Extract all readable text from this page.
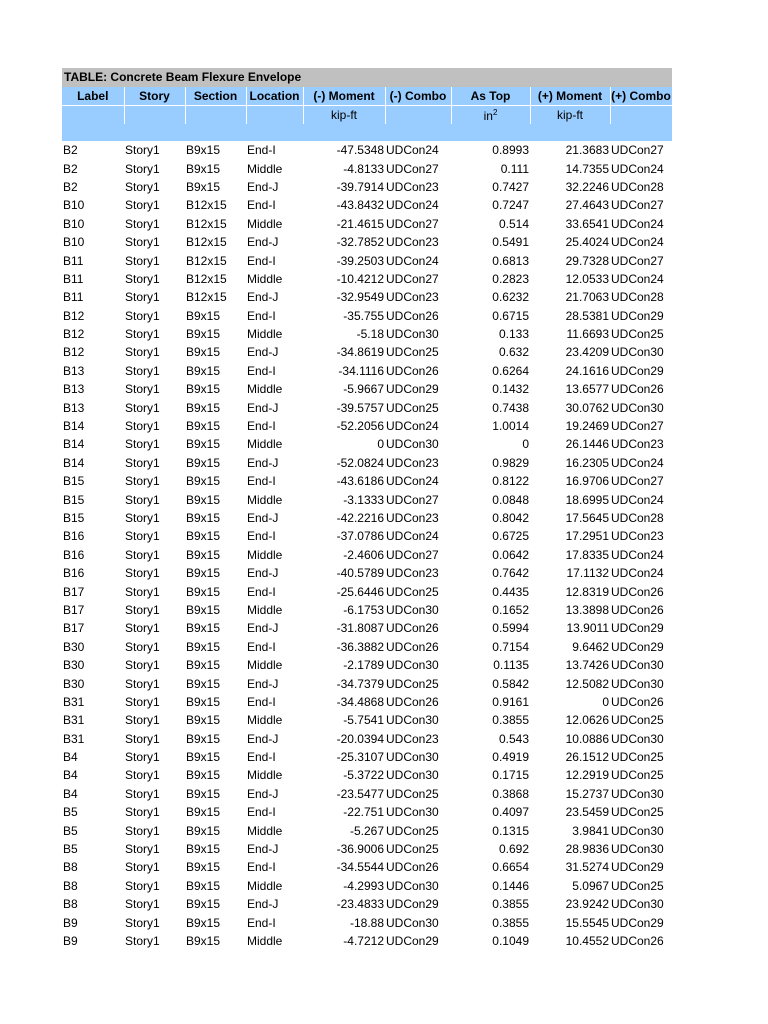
TABLE: Concrete Beam Flexure Envelope
Label	Story	Section	Location	(-) Moment	(-) Combo	As Top	(+) Moment	(+) Combo
				kip-ft		$in^2$	kip-ft	

B2	Story1	B9x15	End-I	-47.5348	UDCon24	0.8993	21.3683	UDCon27
B2	Story1	B9x15	Middle	-4.8133	UDCon27	0.111	14.7355	UDCon24
B2	Story1	B9x15	End-J	-39.7914	UDCon23	0.7427	32.2246	UDCon28
B10	Story1	B12x15	End-I	-43.8432	UDCon24	0.7247	27.4643	UDCon27
B10	Story1	B12x15	Middle	-21.4615	UDCon27	0.514	33.6541	UDCon24
B10	Story1	B12x15	End-J	-32.7852	UDCon23	0.5491	25.4024	UDCon24
B11	Story1	B12x15	End-I	-39.2503	UDCon24	0.6813	29.7328	UDCon27
B11	Story1	B12x15	Middle	-10.4212	UDCon27	0.2823	12.0533	UDCon24
B11	Story1	B12x15	End-J	-32.9549	UDCon23	0.6232	21.7063	UDCon28
B12	Story1	B9x15	End-I	-35.755	UDCon26	0.6715	28.5381	UDCon29
B12	Story1	B9x15	Middle	-5.18	UDCon30	0.133	11.6693	UDCon25
B12	Story1	B9x15	End-J	-34.8619	UDCon25	0.632	23.4209	UDCon30
B13	Story1	B9x15	End-I	-34.1116	UDCon26	0.6264	24.1616	UDCon29
B13	Story1	B9x15	Middle	-5.9667	UDCon29	0.1432	13.6577	UDCon26
B13	Story1	B9x15	End-J	-39.5757	UDCon25	0.7438	30.0762	UDCon30
B14	Story1	B9x15	End-I	-52.2056	UDCon24	1.0014	19.2469	UDCon27
B14	Story1	B9x15	Middle	0	UDCon30	0	26.1446	UDCon23
B14	Story1	B9x15	End-J	-52.0824	UDCon23	0.9829	16.2305	UDCon24
B15	Story1	B9x15	End-I	-43.6186	UDCon24	0.8122	16.9706	UDCon27
B15	Story1	B9x15	Middle	-3.1333	UDCon27	0.0848	18.6995	UDCon24
B15	Story1	B9x15	End-J	-42.2216	UDCon23	0.8042	17.5645	UDCon28
B16	Story1	B9x15	End-I	-37.0786	UDCon24	0.6725	17.2951	UDCon23
B16	Story1	B9x15	Middle	-2.4606	UDCon27	0.0642	17.8335	UDCon24
B16	Story1	B9x15	End-J	-40.5789	UDCon23	0.7642	17.1132	UDCon24
B17	Story1	B9x15	End-I	-25.6446	UDCon25	0.4435	12.8319	UDCon26
B17	Story1	B9x15	Middle	-6.1753	UDCon30	0.1652	13.3898	UDCon26
B17	Story1	B9x15	End-J	-31.8087	UDCon26	0.5994	13.9011	UDCon29
B30	Story1	B9x15	End-I	-36.3882	UDCon26	0.7154	9.6462	UDCon29
B30	Story1	B9x15	Middle	-2.1789	UDCon30	0.1135	13.7426	UDCon30
B30	Story1	B9x15	End-J	-34.7379	UDCon25	0.5842	12.5082	UDCon30
B31	Story1	B9x15	End-I	-34.4868	UDCon26	0.9161	0	UDCon26
B31	Story1	B9x15	Middle	-5.7541	UDCon30	0.3855	12.0626	UDCon25
B31	Story1	B9x15	End-J	-20.0394	UDCon23	0.543	10.0886	UDCon30
B4	Story1	B9x15	End-I	-25.3107	UDCon30	0.4919	26.1512	UDCon25
B4	Story1	B9x15	Middle	-5.3722	UDCon30	0.1715	12.2919	UDCon25
B4	Story1	B9x15	End-J	-23.5477	UDCon25	0.3868	15.2737	UDCon30
B5	Story1	B9x15	End-I	-22.751	UDCon30	0.4097	23.5459	UDCon25
B5	Story1	B9x15	Middle	-5.267	UDCon25	0.1315	3.9841	UDCon30
B5	Story1	B9x15	End-J	-36.9006	UDCon25	0.692	28.9836	UDCon30
B8	Story1	B9x15	End-I	-34.5544	UDCon26	0.6654	31.5274	UDCon29
B8	Story1	B9x15	Middle	-4.2993	UDCon30	0.1446	5.0967	UDCon25
B8	Story1	B9x15	End-J	-23.4833	UDCon29	0.3855	23.9242	UDCon30
B9	Story1	B9x15	End-I	-18.88	UDCon30	0.3855	15.5545	UDCon29
B9	Story1	B9x15	Middle	-4.7212	UDCon29	0.1049	10.4552	UDCon26
